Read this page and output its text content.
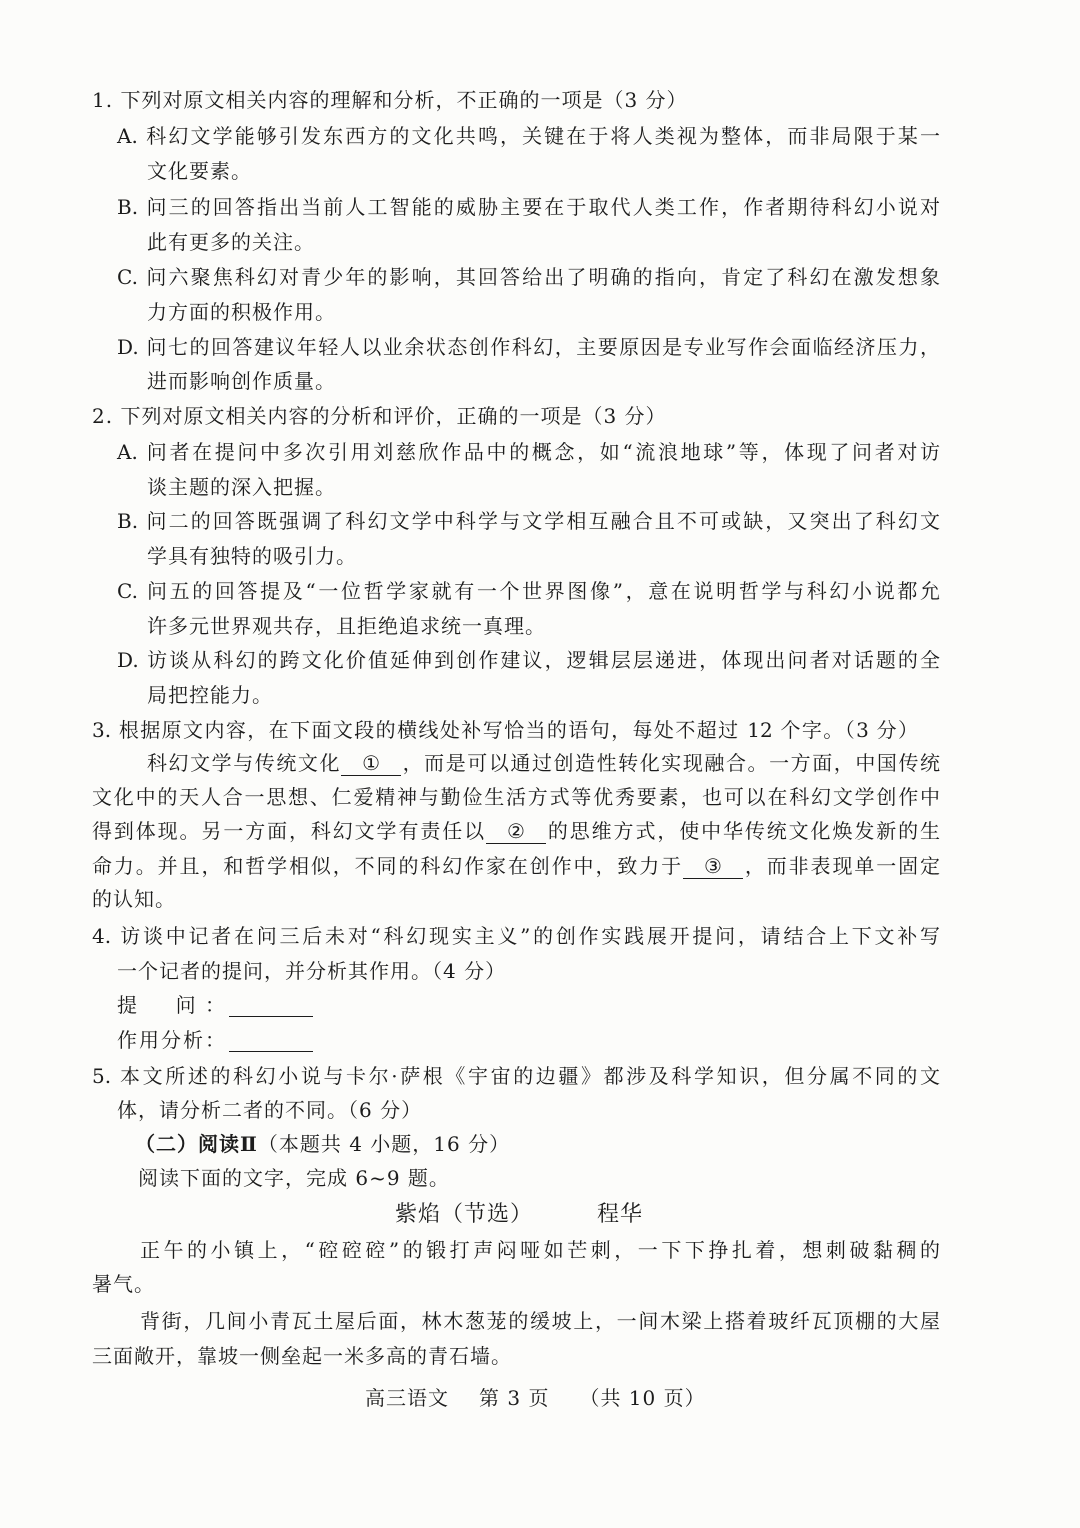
1. 下列对原文相关内容的理解和分析，不正确的一项是（3 分）
A. 科幻文学能够引发东西方的文化共鸣，关键在于将人类视为整体，而非局限于某一
文化要素。
B. 问三的回答指出当前人工智能的威胁主要在于取代人类工作，作者期待科幻小说对
此有更多的关注。
C. 问六聚焦科幻对青少年的影响，其回答给出了明确的指向，肯定了科幻在激发想象
力方面的积极作用。
D. 问七的回答建议年轻人以业余状态创作科幻，主要原因是专业写作会面临经济压力，
进而影响创作质量。
2. 下列对原文相关内容的分析和评价，正确的一项是（3 分）
A. 问者在提问中多次引用刘慈欣作品中的概念，如“流浪地球”等，体现了问者对访
谈主题的深入把握。
B. 问二的回答既强调了科幻文学中科学与文学相互融合且不可或缺，又突出了科幻文
学具有独特的吸引力。
C. 问五的回答提及“一位哲学家就有一个世界图像”，意在说明哲学与科幻小说都允
许多元世界观共存，且拒绝追求统一真理。
D. 访谈从科幻的跨文化价值延伸到创作建议，逻辑层层递进，体现出问者对话题的全
局把控能力。
3. 根据原文内容，在下面文段的横线处补写恰当的语句，每处不超过 12 个字。（3 分）
科幻文学与传统文化 ① ，而是可以通过创造性转化实现融合。一方面，中国传统
文化中的天人合一思想、仁爱精神与勤俭生活方式等优秀要素，也可以在科幻文学创作中
得到体现。另一方面，科幻文学有责任以 ② 的思维方式，使中华传统文化焕发新的生
命力。并且，和哲学相似，不同的科幻作家在创作中，致力于 ③ ，而非表现单一固定
的认知。
4. 访谈中记者在问三后未对“科幻现实主义”的创作实践展开提问，请结合上下文补写
一个记者的提问，并分析其作用。（4 分）
提　问：
作用分析：
5. 本文所述的科幻小说与卡尔·萨根《宇宙的边疆》都涉及科学知识，但分属不同的文
体，请分析二者的不同。（6 分）
（二）阅读Ⅱ（本题共 4 小题，16 分）
阅读下面的文字，完成 6~9 题。
紫焰（节选）	程华
正午的小镇上，“硿硿硿”的锻打声闷哑如芒刺，一下下挣扎着，想刺破黏稠的
暑气。
背街，几间小青瓦土屋后面，林木葱茏的缓坡上，一间木梁上搭着玻纤瓦顶棚的大屋
三面敞开，靠坡一侧垒起一米多高的青石墙。
高三语文 第 3 页 （共 10 页）
